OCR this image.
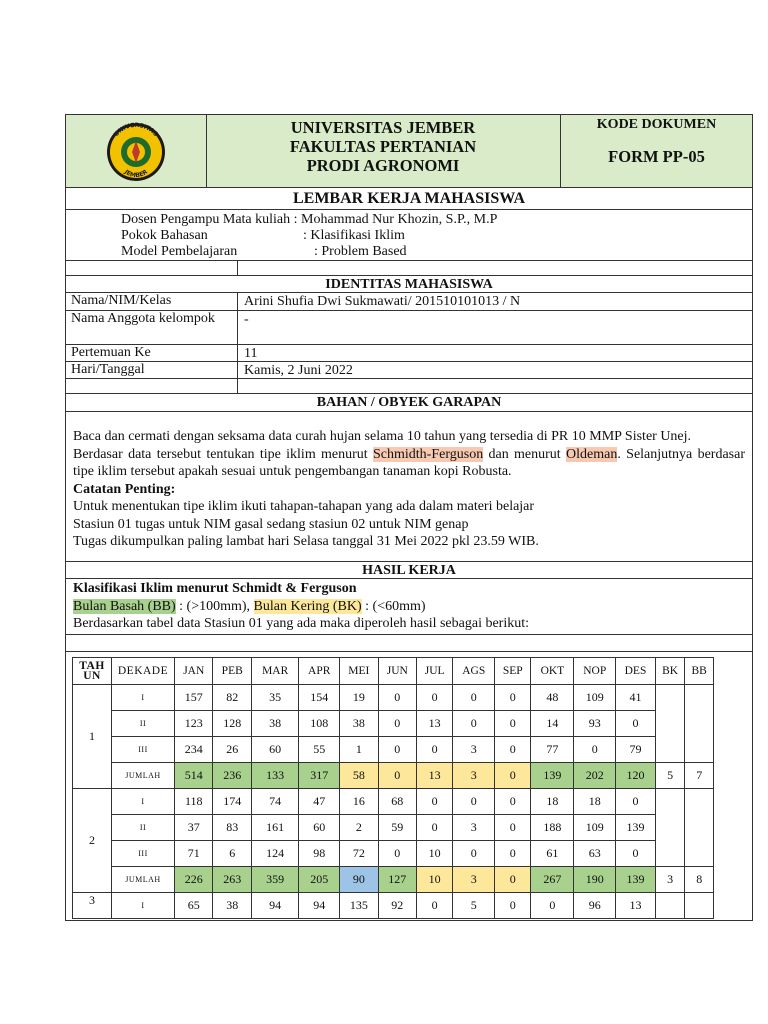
UNIVERSITAS
JEMBER
UNIVERSITAS JEMBER
FAKULTAS PERTANIAN
PRODI AGRONOMI
KODE DOKUMEN
FORM PP-05
LEMBAR KERJA MAHASISWA
Dosen Pengampu Mata kuliah : Mohammad Nur Khozin, S.P., M.P
Pokok Bahasan	: Klasifikasi Iklim
Model Pembelajaran	: Problem Based
IDENTITAS MAHASISWA
Nama/NIM/Kelas	Arini Shufia Dwi Sukmawati/ 201510101013 / N
Nama Anggota kelompok	-
Pertemuan Ke	11
Hari/Tanggal	Kamis, 2 Juni 2022
BAHAN / OBYEK GARAPAN
Baca dan cermati dengan seksama data curah hujan selama 10 tahun yang tersedia di PR 10 MMP Sister Unej.
Berdasar data tersebut tentukan tipe iklim menurut Schmidth-Ferguson dan menurut Oldeman. Selanjutnya berdasar tipe iklim tersebut apakah sesuai untuk pengembangan tanaman kopi Robusta.
Catatan Penting:
Untuk menentukan tipe iklim ikuti tahapan-tahapan yang ada dalam materi belajar
Stasiun 01 tugas untuk NIM gasal sedang stasiun 02 untuk NIM genap
Tugas dikumpulkan paling lambat hari Selasa tanggal 31 Mei 2022 pkl 23.59 WIB.
HASIL KERJA
Klasifikasi Iklim menurut Schmidt & Ferguson
Bulan Basah (BB) : (>100mm), Bulan Kering (BK) : (<60mm)
Berdasarkan tabel data Stasiun 01 yang ada maka diperoleh hasil sebagai berikut:
TAH UN	DEKADE	JAN	PEB	MAR	APR	MEI	JUN	JUL	AGS	SEP	OKT	NOP	DES	BK	BB
1	I	157	82	35	154	19	0	0	0	0	48	109	41		
	II	123	128	38	108	38	0	13	0	0	14	93	0		
	III	234	26	60	55	1	0	0	3	0	77	0	79		
	JUMLAH	514	236	133	317	58	0	13	3	0	139	202	120	5	7
2	I	118	174	74	47	16	68	0	0	0	18	18	0		
	II	37	83	161	60	2	59	0	3	0	188	109	139		
	III	71	6	124	98	72	0	10	0	0	61	63	0		
	JUMLAH	226	263	359	205	90	127	10	3	0	267	190	139	3	8
3	I	65	38	94	94	135	92	0	5	0	0	96	13		
